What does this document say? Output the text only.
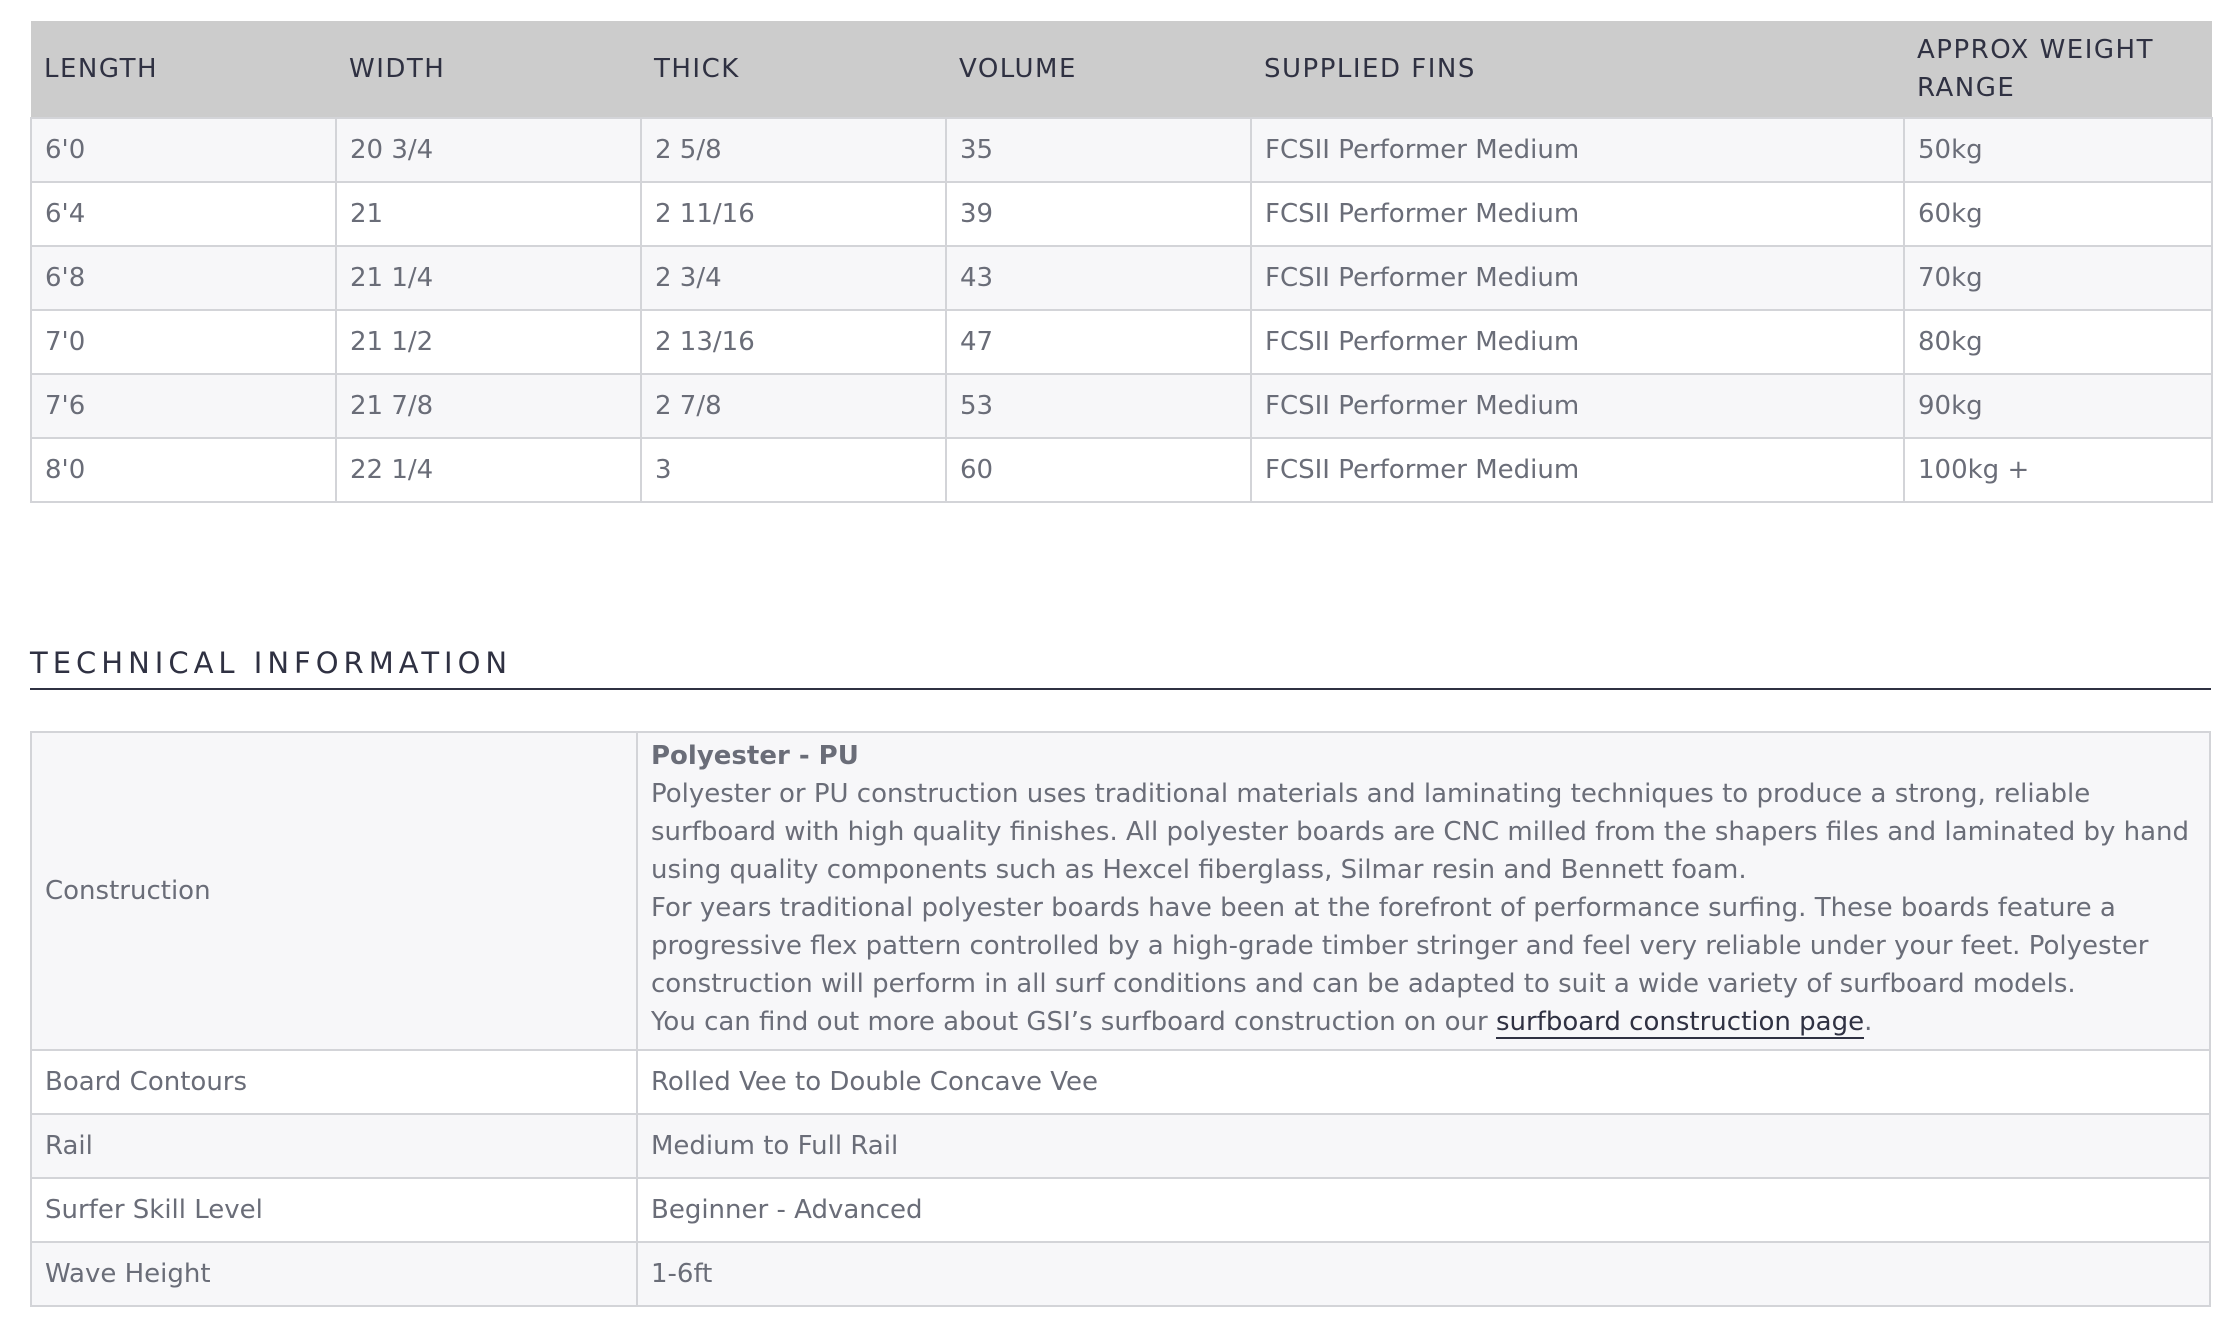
LENGTH	WIDTH	THICK	VOLUME	SUPPLIED FINS	APPROX WEIGHT RANGE
6'0	20 3/4	2 5/8	35	FCSII Performer Medium	50kg
6'4	21	2 11/16	39	FCSII Performer Medium	60kg
6'8	21 1/4	2 3/4	43	FCSII Performer Medium	70kg
7'0	21 1/2	2 13/16	47	FCSII Performer Medium	80kg
7'6	21 7/8	2 7/8	53	FCSII Performer Medium	90kg
8'0	22 1/4	3	60	FCSII Performer Medium	100kg +
TECHNICAL INFORMATION
Construction	Polyester - PU
Polyester or PU construction uses traditional materials and laminating techniques to produce a strong, reliable surfboard with high quality finishes. All polyester boards are CNC milled from the shapers files and laminated by hand using quality components such as Hexcel fiberglass, Silmar resin and Bennett foam.
For years traditional polyester boards have been at the forefront of performance surfing. These boards feature a progressive flex pattern controlled by a high-grade timber stringer and feel very reliable under your feet. Polyester construction will perform in all surf conditions and can be adapted to suit a wide variety of surfboard models.
You can find out more about GSI’s surfboard construction on our surfboard construction page.

Board Contours	Rolled Vee to Double Concave Vee
Rail	Medium to Full Rail
Surfer Skill Level	Beginner - Advanced
Wave Height	1-6ft
